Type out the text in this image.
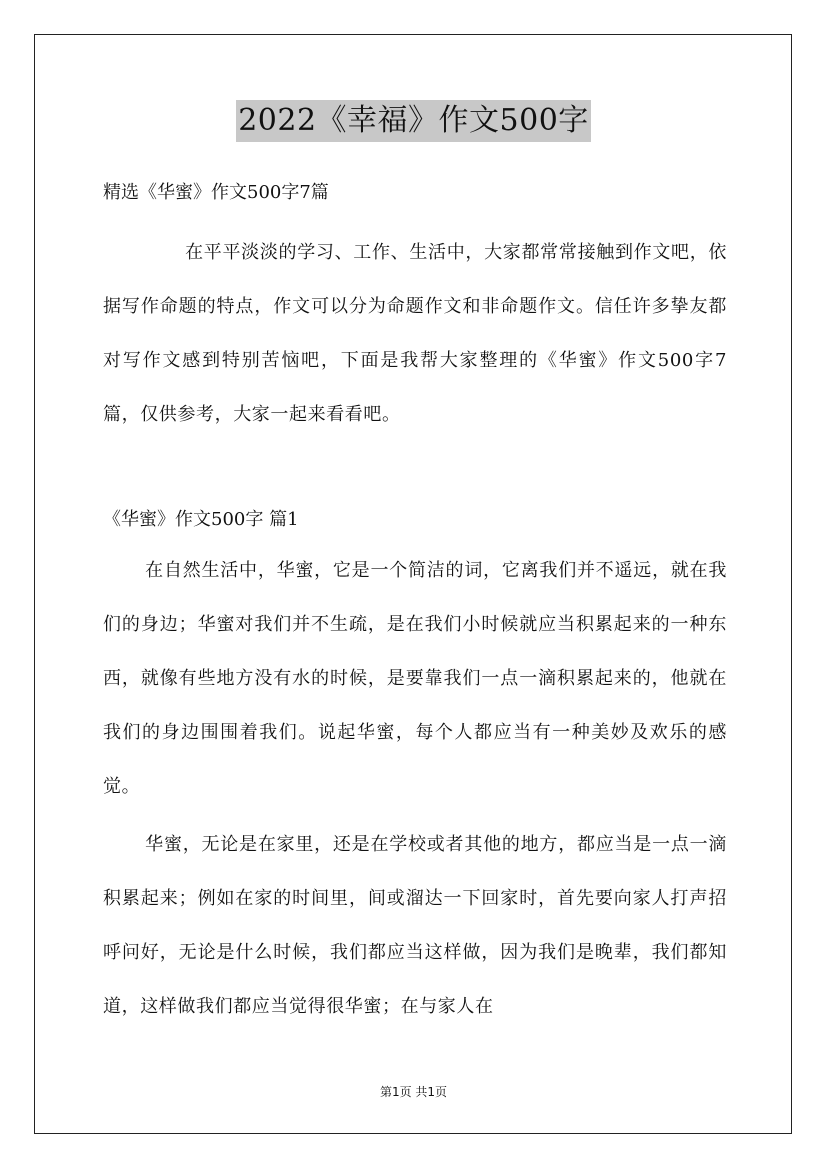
2022《幸福》作文500字
精选《华蜜》作文500字7篇
在平平淡淡的学习、工作、生活中，大家都常常接触到作文吧，依据写作命题的特点，作文可以分为命题作文和非命题作文。信任许多挚友都对写作文感到特别苦恼吧，下面是我帮大家整理的《华蜜》作文500字7篇，仅供参考，大家一起来看看吧。
《华蜜》作文500字 篇1
在自然生活中，华蜜，它是一个简洁的词，它离我们并不遥远，就在我们的身边；华蜜对我们并不生疏，是在我们小时候就应当积累起来的一种东西，就像有些地方没有水的时候，是要靠我们一点一滴积累起来的，他就在我们的身边围围着我们。说起华蜜，每个人都应当有一种美妙及欢乐的感觉。
华蜜，无论是在家里，还是在学校或者其他的地方，都应当是一点一滴积累起来；例如在家的时间里，间或溜达一下回家时，首先要向家人打声招呼问好，无论是什么时候，我们都应当这样做，因为我们是晚辈，我们都知道，这样做我们都应当觉得很华蜜；在与家人在
第1页 共1页
